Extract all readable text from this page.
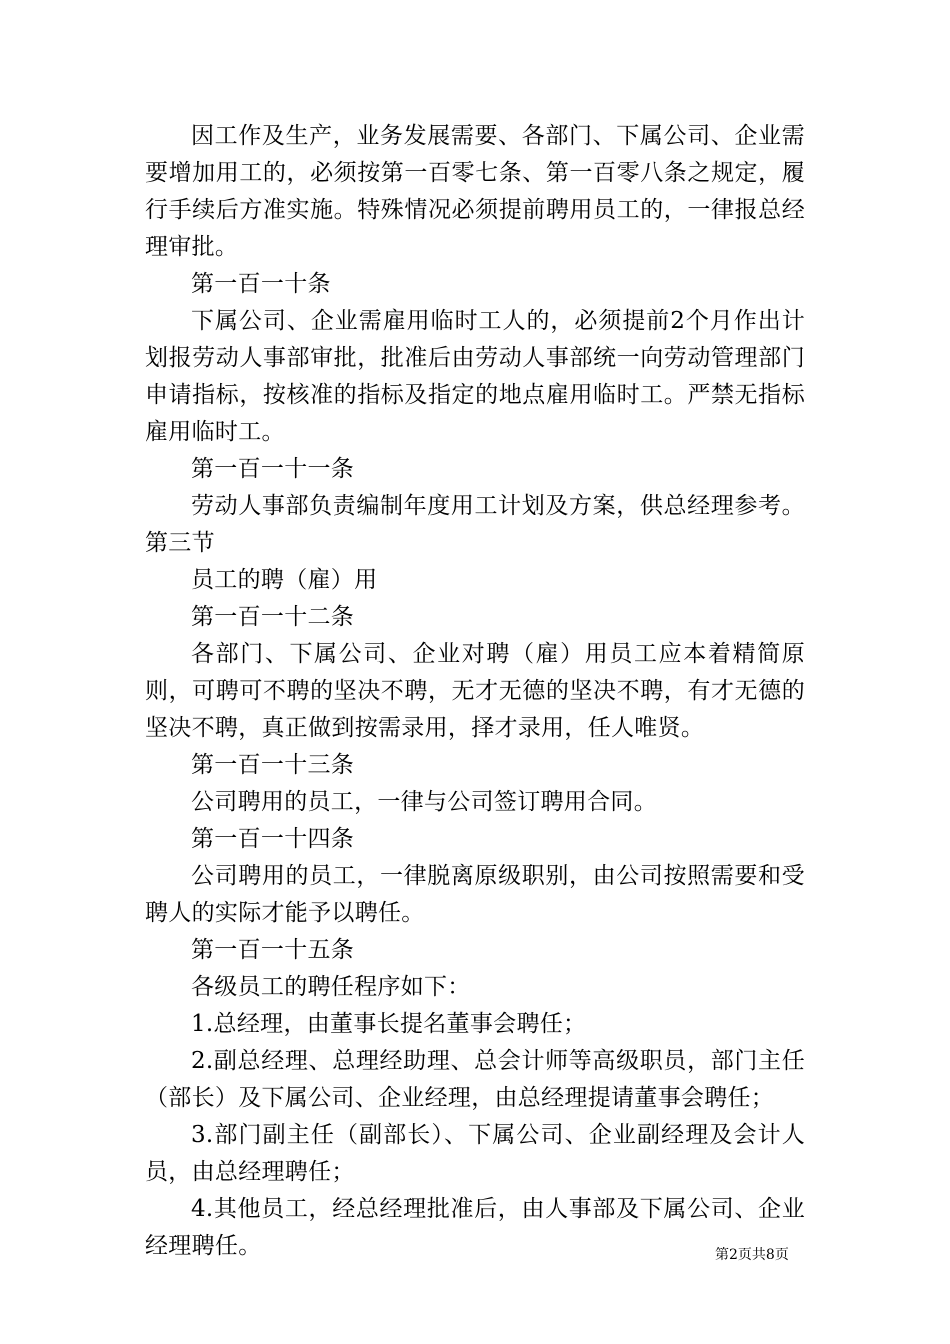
因工作及生产，业务发展需要、各部门、下属公司、企业需要增加用工的，必须按第一百零七条、第一百零八条之规定，履行手续后方准实施。特殊情况必须提前聘用员工的，一律报总经理审批。

第一百一十条

下属公司、企业需雇用临时工人的，必须提前2个月作出计划报劳动人事部审批，批准后由劳动人事部统一向劳动管理部门申请指标，按核准的指标及指定的地点雇用临时工。严禁无指标雇用临时工。

第一百一十一条

劳动人事部负责编制年度用工计划及方案，供总经理参考。第三节

员工的聘（雇）用

第一百一十二条

各部门、下属公司、企业对聘（雇）用员工应本着精简原则，可聘可不聘的坚决不聘，无才无德的坚决不聘，有才无德的坚决不聘，真正做到按需录用，择才录用，任人唯贤。

第一百一十三条

公司聘用的员工，一律与公司签订聘用合同。

第一百一十四条

公司聘用的员工，一律脱离原级职别，由公司按照需要和受聘人的实际才能予以聘任。

第一百一十五条

各级员工的聘任程序如下：

1.总经理，由董事长提名董事会聘任；

2.副总经理、总理经助理、总会计师等高级职员，部门主任（部长）及下属公司、企业经理，由总经理提请董事会聘任；

3.部门副主任（副部长）、下属公司、企业副经理及会计人员，由总经理聘任；

4.其他员工，经总经理批准后，由人事部及下属公司、企业经理聘任。	第2页共8页
